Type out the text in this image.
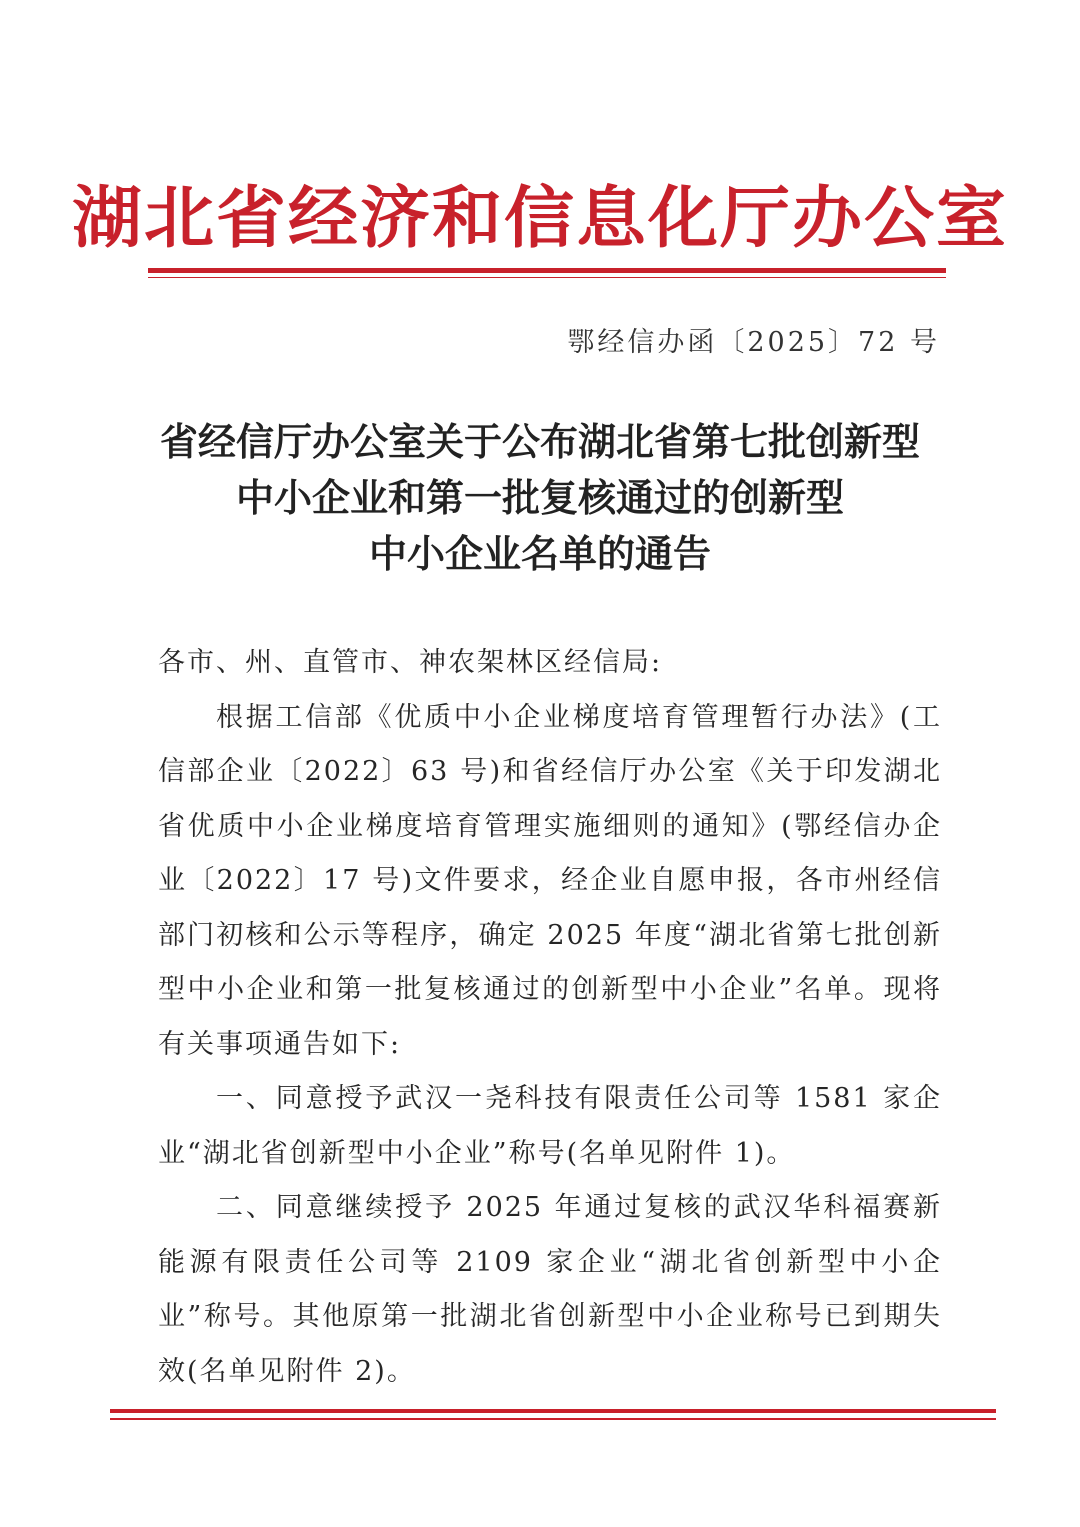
湖北省经济和信息化厅办公室
鄂经信办函〔2025〕72 号
省经信厅办公室关于公布湖北省第七批创新型
中小企业和第一批复核通过的创新型
中小企业名单的通告

各市、州、直管市、神农架林区经信局:

根据工信部《优质中小企业梯度培育管理暂行办法》(工信部企业〔2022〕63 号)和省经信厅办公室《关于印发湖北省优质中小企业梯度培育管理实施细则的通知》(鄂经信办企业〔2022〕17 号)文件要求，经企业自愿申报，各市州经信部门初核和公示等程序，确定 2025 年度“湖北省第七批创新型中小企业和第一批复核通过的创新型中小企业”名单。现将有关事项通告如下:

一、同意授予武汉一尧科技有限责任公司等 1581 家企业“湖北省创新型中小企业”称号(名单见附件 1)。

二、同意继续授予 2025 年通过复核的武汉华科福赛新能源有限责任公司等 2109 家企业“湖北省创新型中小企业”称号。其他原第一批湖北省创新型中小企业称号已到期失效(名单见附件 2)。
